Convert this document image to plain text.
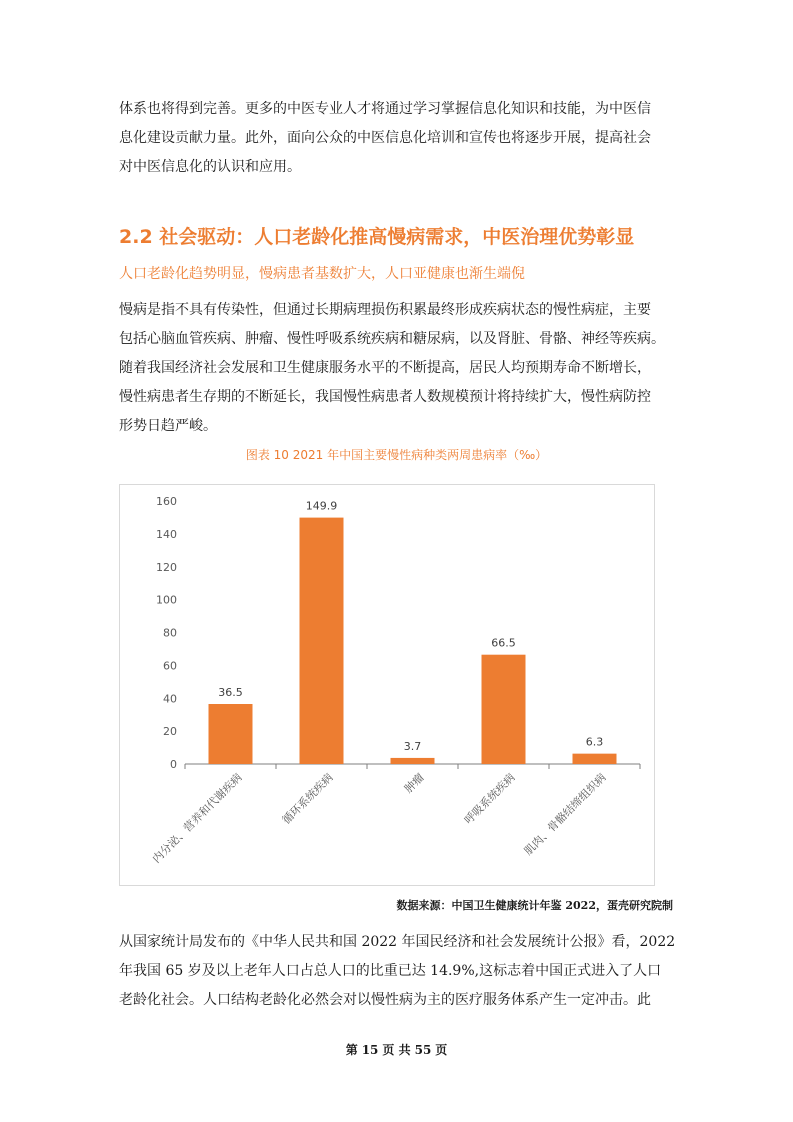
体系也将得到完善。更多的中医专业人才将通过学习掌握信息化知识和技能，为中医信
息化建设贡献力量。此外，面向公众的中医信息化培训和宣传也将逐步开展，提高社会
对中医信息化的认识和应用。
2.2 社会驱动：人口老龄化推高慢病需求，中医治理优势彰显
人口老龄化趋势明显，慢病患者基数扩大，人口亚健康也渐生端倪
慢病是指不具有传染性，但通过长期病理损伤积累最终形成疾病状态的慢性病症，主要
包括心脑血管疾病、肿瘤、慢性呼吸系统疾病和糖尿病，以及肾脏、骨骼、神经等疾病。
随着我国经济社会发展和卫生健康服务水平的不断提高，居民人均预期寿命不断增长，
慢性病患者生存期的不断延长，我国慢性病患者人数规模预计将持续扩大，慢性病防控
形势日趋严峻。
图表 10 2021 年中国主要慢性病种类两周患病率（‰）
0
20
40
60
80
100
120
140
160
36.5
内分泌、营养和代谢疾病
149.9
循环系统疾病
3.7
肿瘤
66.5
呼吸系统疾病
6.3
肌肉、骨骼结缔组织病
数据来源：中国卫生健康统计年鉴 2022，蛋壳研究院制
从国家统计局发布的《中华人民共和国 2022 年国民经济和社会发展统计公报》看，2022
年我国 65 岁及以上老年人口占总人口的比重已达 14.9%,这标志着中国正式进入了人口
老龄化社会。人口结构老龄化必然会对以慢性病为主的医疗服务体系产生一定冲击。此
第 15 页 共 55 页
